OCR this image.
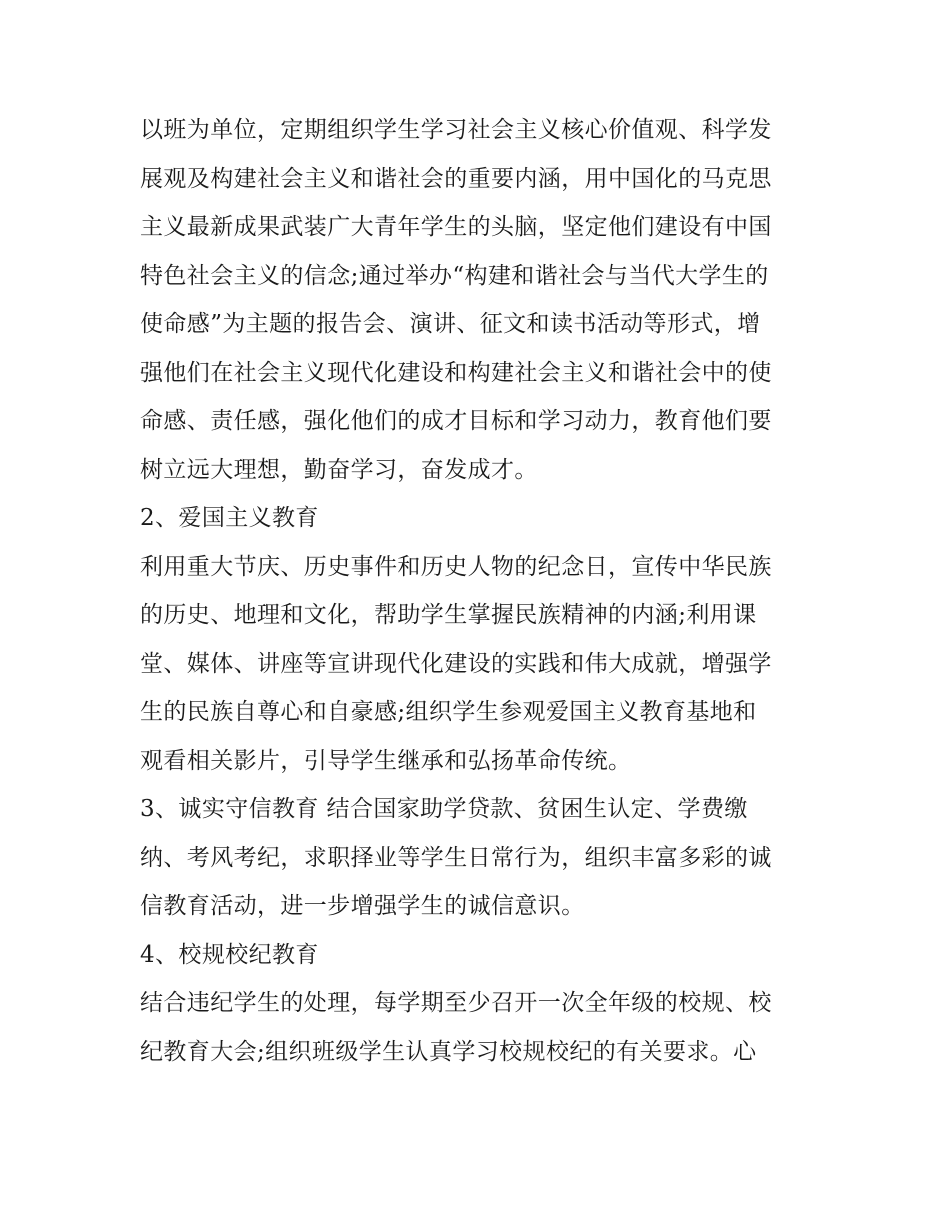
以班为单位，定期组织学生学习社会主义核心价值观、科学发
展观及构建社会主义和谐社会的重要内涵，用中国化的马克思
主义最新成果武装广大青年学生的头脑，坚定他们建设有中国
特色社会主义的信念;通过举办“构建和谐社会与当代大学生的
使命感”为主题的报告会、演讲、征文和读书活动等形式，增
强他们在社会主义现代化建设和构建社会主义和谐社会中的使
命感、责任感，强化他们的成才目标和学习动力，教育他们要
树立远大理想，勤奋学习，奋发成才。
2、爱国主义教育
利用重大节庆、历史事件和历史人物的纪念日，宣传中华民族
的历史、地理和文化，帮助学生掌握民族精神的内涵;利用课
堂、媒体、讲座等宣讲现代化建设的实践和伟大成就，增强学
生的民族自尊心和自豪感;组织学生参观爱国主义教育基地和
观看相关影片，引导学生继承和弘扬革命传统。
3、诚实守信教育 结合国家助学贷款、贫困生认定、学费缴
纳、考风考纪，求职择业等学生日常行为，组织丰富多彩的诚
信教育活动，进一步增强学生的诚信意识。
4、校规校纪教育
结合违纪学生的处理，每学期至少召开一次全年级的校规、校
纪教育大会;组织班级学生认真学习校规校纪的有关要求。心
